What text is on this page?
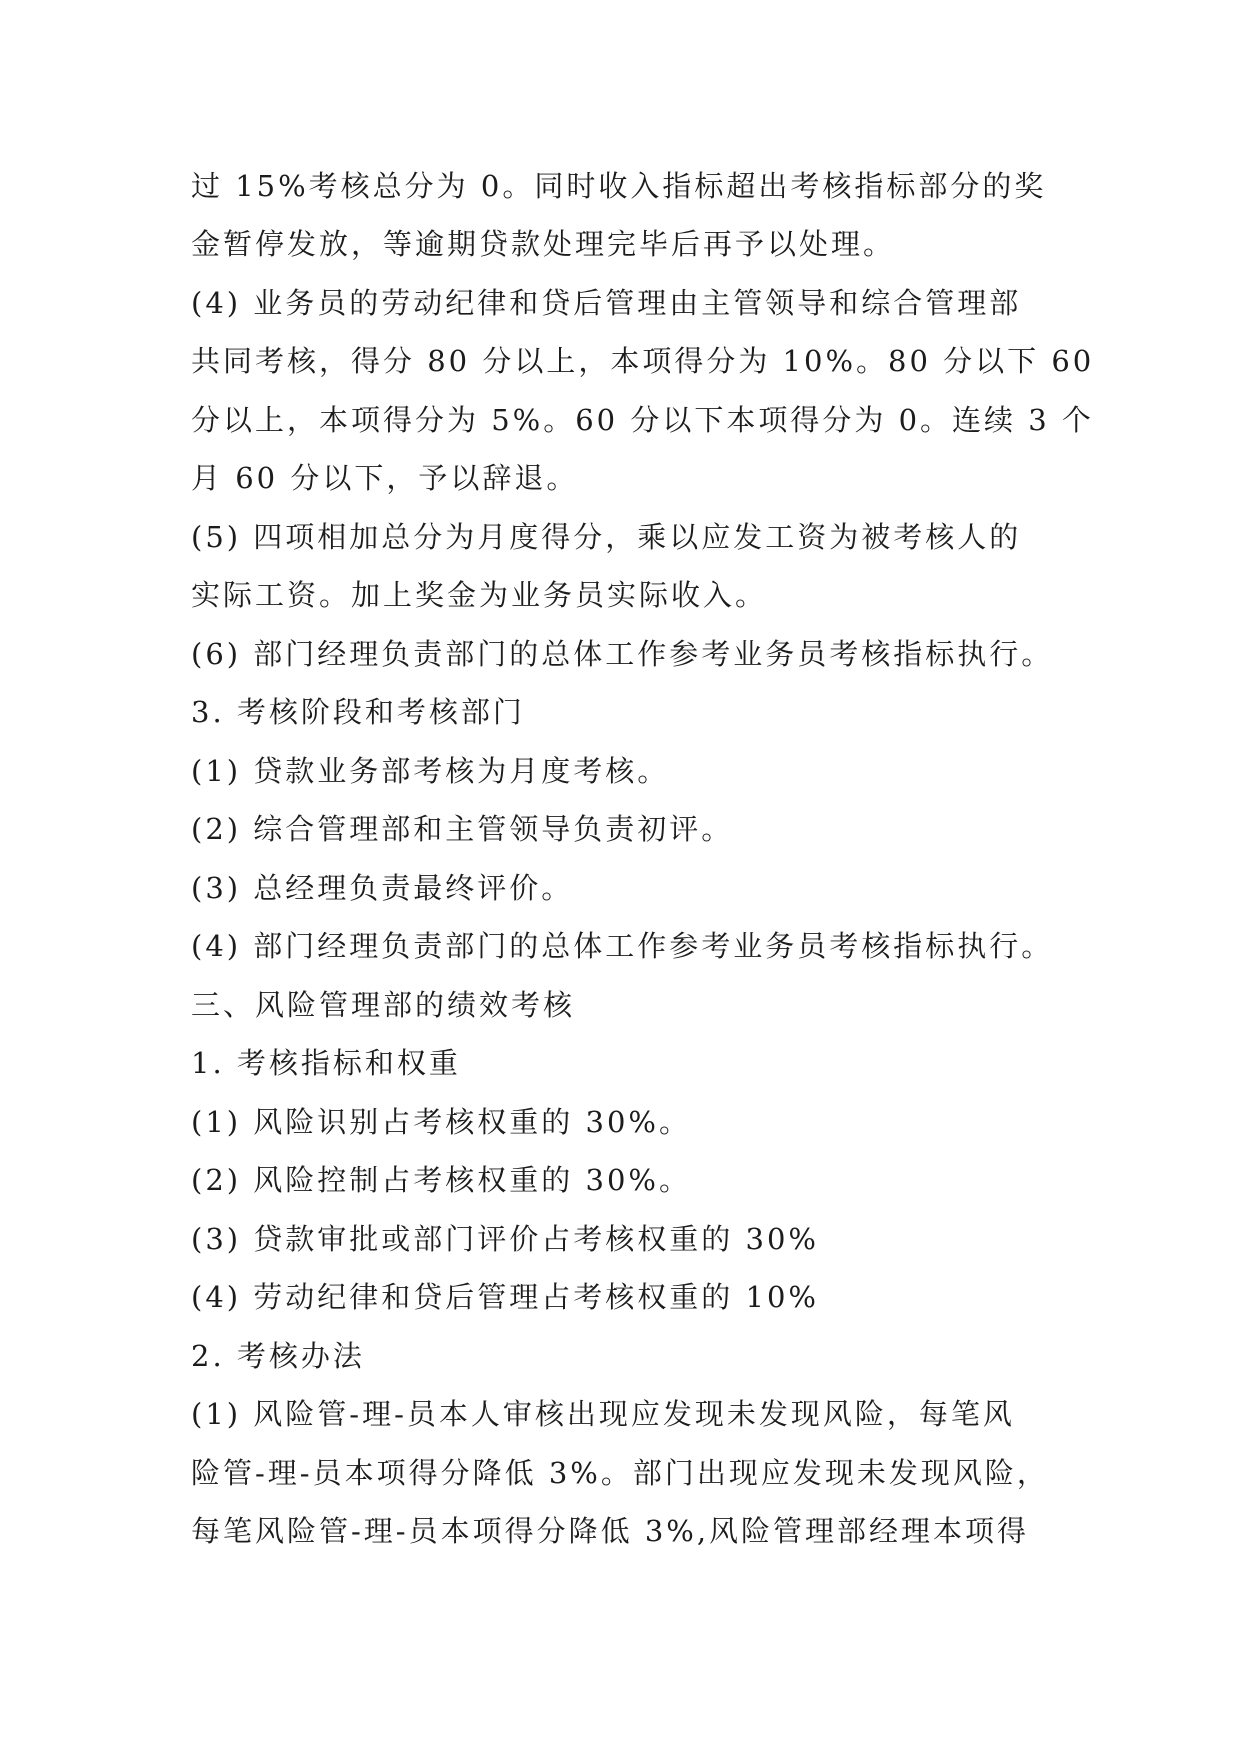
过 15%考核总分为 0。同时收入指标超出考核指标部分的奖

金暂停发放，等逾期贷款处理完毕后再予以处理。

(4) 业务员的劳动纪律和贷后管理由主管领导和综合管理部

共同考核，得分 80 分以上，本项得分为 10%。80 分以下 60

分以上，本项得分为 5%。60 分以下本项得分为 0。连续 3 个

月 60 分以下，予以辞退。

(5) 四项相加总分为月度得分，乘以应发工资为被考核人的

实际工资。加上奖金为业务员实际收入。

(6) 部门经理负责部门的总体工作参考业务员考核指标执行。

3. 考核阶段和考核部门

(1) 贷款业务部考核为月度考核。

(2) 综合管理部和主管领导负责初评。

(3) 总经理负责最终评价。

(4) 部门经理负责部门的总体工作参考业务员考核指标执行。

三、风险管理部的绩效考核

1. 考核指标和权重

(1) 风险识别占考核权重的 30%。

(2) 风险控制占考核权重的 30%。

(3) 贷款审批或部门评价占考核权重的 30%

(4) 劳动纪律和贷后管理占考核权重的 10%

2. 考核办法

(1) 风险管-理-员本人审核出现应发现未发现风险，每笔风

险管-理-员本项得分降低 3%。部门出现应发现未发现风险，

每笔风险管-理-员本项得分降低 3%,风险管理部经理本项得
